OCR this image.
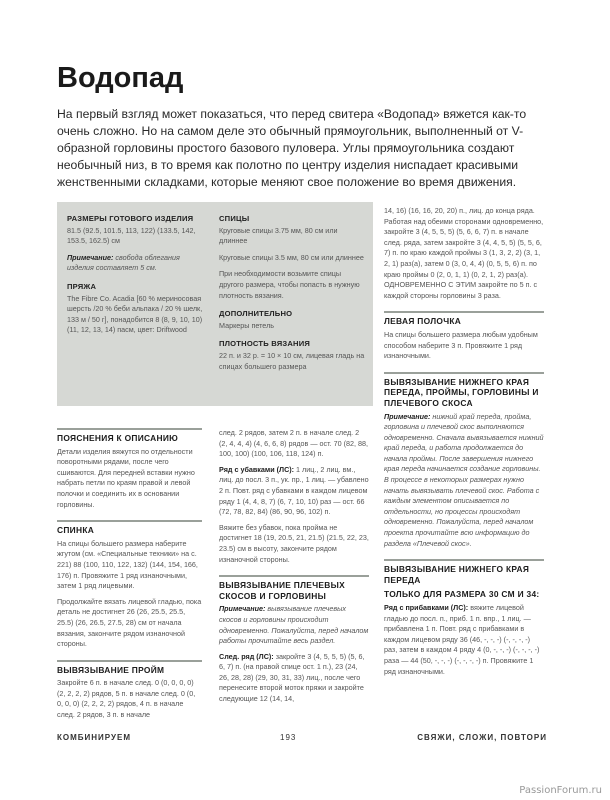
Водопад

На первый взгляд может показаться, что перед свитера «Водопад» вяжется как-то очень сложно. Но на самом деле это обычный прямоугольник, выполненный от V-образной горловины простого базового пуловера. Углы прямоугольника создают необычный низ, в то время как полотно по центру изделия ниспадает красивыми женственными складками, которые меняют свое положение во время движения.

РАЗМЕРЫ ГОТОВОГО ИЗДЕЛИЯ
81.5 (92.5, 101.5, 113, 122) (133.5, 142, 153.5, 162.5) см
Примечание: свобода облегания изделия составляет 5 см.
ПРЯЖА
The Fibre Co. Acadia [60 % мериносовая шерсть /20 % беби альпака / 20 % шелк, 133 м / 50 г], понадобится 8 (8, 9, 10, 10) (11, 12, 13, 14) пасм, цвет: Driftwood
СПИЦЫ
Круговые спицы 3.75 мм, 80 см или длиннее
Круговые спицы 3.5 мм, 80 см или длиннее
При необходимости возьмите спицы другого размера, чтобы попасть в нужную плотность вязания.
ДОПОЛНИТЕЛЬНО
Маркеры петель
ПЛОТНОСТЬ ВЯЗАНИЯ
22 п. и 32 р. = 10 × 10 см, лицевая гладь на спицах большего размера
ПОЯСНЕНИЯ К ОПИСАНИЮ
Детали изделия вяжутся по отдельности поворотными рядами, после чего сшиваются. Для передней вставки нужно набрать петли по краям правой и левой полочки и соединить их в основании горловины.
СПИНКА
На спицы большего размера наберите жгутом (см. «Специальные техники» на с. 221) 88 (100, 110, 122, 132) (144, 154, 166, 176) п. Провяжите 1 ряд изнаночными, затем 1 ряд лицевыми.
Продолжайте вязать лицевой гладью, пока деталь не достигнет 26 (26, 25.5, 25.5, 25.5) (26, 26.5, 27.5, 28) см от начала вязания, закончите рядом изнаночной стороны.
ВЫВЯЗЫВАНИЕ ПРОЙМ
Закройте 6 п. в начале след. 0 (0, 0, 0, 0) (2, 2, 2, 2) рядов, 5 п. в начале след. 0 (0, 0, 0, 0) (2, 2, 2, 2) рядов, 4 п. в начале след. 2 рядов, 3 п. в начале
след. 2 рядов, затем 2 п. в начале след. 2 (2, 4, 4, 4) (4, 6, 6, 8) рядов — ост. 70 (82, 88, 100, 100) (100, 106, 118, 124) п.
Ряд с убавками (ЛС): 1 лиц., 2 лиц. вм., лиц. до посл. 3 п., ук. пр., 1 лиц. — убавлено 2 п. Повт. ряд с убавками в каждом лицевом ряду 1 (4, 4, 8, 7) (6, 7, 10, 10) раз — ост. 66 (72, 78, 82, 84) (86, 90, 96, 102) п.
Вяжите без убавок, пока пройма не достигнет 18 (19, 20.5, 21, 21.5) (21.5, 22, 23, 23.5) см в высоту, закончите рядом изнаночной стороны.
ВЫВЯЗЫВАНИЕ ПЛЕЧЕВЫХ СКОСОВ И ГОРЛОВИНЫ
Примечание: вывязывание плечевых скосов и горловины происходит одновременно. Пожалуйста, перед началом работы прочитайте весь раздел.
След. ряд (ЛС): закройте 3 (4, 5, 5, 5) (5, 6, 6, 7) п. (на правой спице ост. 1 п.), 23 (24, 26, 28, 28) (29, 30, 31, 33) лиц., после чего перенесите второй моток пряжи и закройте следующие 12 (14, 14,
14, 16) (16, 16, 20, 20) п., лиц. до конца ряда. Работая над обеими сторонами одновременно, закройте 3 (4, 5, 5, 5) (5, 6, 6, 7) п. в начале след. ряда, затем закройте 3 (4, 4, 5, 5) (5, 5, 6, 7) п. по краю каждой проймы 3 (1, 3, 2, 2) (3, 1, 2, 1) раз(а), затем 0 (3, 0, 4, 4) (0, 5, 5, 6) п. по краю проймы 0 (2, 0, 1, 1) (0, 2, 1, 2) раз(а). ОДНОВРЕМЕННО С ЭТИМ закройте по 5 п. с каждой стороны горловины 3 раза.
ЛЕВАЯ ПОЛОЧКА
На спицы большего размера любым удобным способом наберите 3 п. Провяжите 1 ряд изнаночными.
ВЫВЯЗЫВАНИЕ НИЖНЕГО КРАЯ ПЕРЕДА, ПРОЙМЫ, ГОРЛОВИНЫ И ПЛЕЧЕВОГО СКОСА
Примечание: нижний край переда, пройма, горловина и плечевой скос выполняются одновременно. Сначала вывязывается нижний край переда, и работа продолжается до начала проймы. После завершения нижнего края переда начинается создание горловины. В процессе в некоторых размерах нужно начать вывязывать плечевой скос. Работа с каждым элементом описывается по отдельности, но процессы происходят одновременно. Пожалуйста, перед началом проекта прочитайте всю информацию до раздела «Плечевой скос».
ВЫВЯЗЫВАНИЕ НИЖНЕГО КРАЯ ПЕРЕДА
ТОЛЬКО ДЛЯ РАЗМЕРА 30 СМ И 34:
Ряд с прибавками (ЛС): вяжите лицевой гладью до посл. п., приб. 1 п. впр., 1 лиц. — прибавлена 1 п. Повт. ряд с прибавками в каждом лицевом ряду 36 (46, -, -, -) (-, -, -, -) раз, затем в каждом 4 ряду 4 (0, -, -, -) (-, -, -, -) раза — 44 (50, -, -, -) (-, -, -, -) п. Провяжите 1 ряд изнаночными.
КОМБИНИРУЕМ	193	СВЯЖИ, СЛОЖИ, ПОВТОРИ
PassionForum.ru
